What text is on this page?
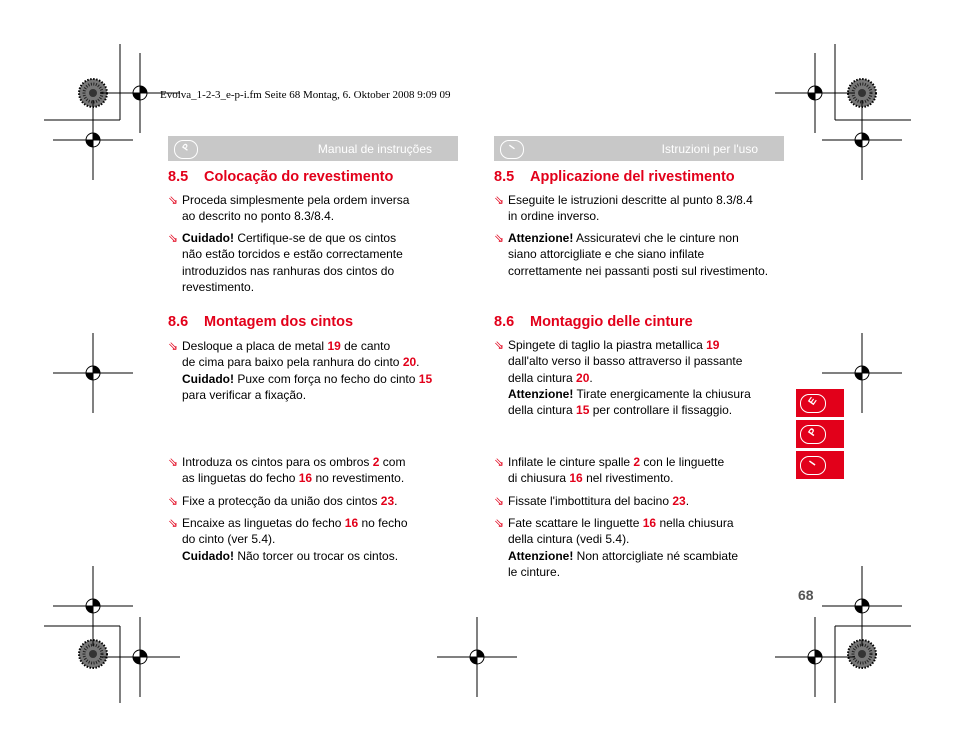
Evolva_1-2-3_e-p-i.fm Seite 68 Montag, 6. Oktober 2008 9:09 09
P	Manual de instruções
8.5 Colocação do revestimento
⇘ Proceda simplesmente pela ordem inversa
ao descrito no ponto 8.3/8.4.
⇘ Cuidado! Certifique-se de que os cintos
não estão torcidos e estão correctamente
introduzidos nas ranhuras dos cintos do
revestimento.
8.6 Montagem dos cintos
⇘ Desloque a placa de metal 19 de canto
de cima para baixo pela ranhura do cinto 20.
Cuidado! Puxe com força no fecho do cinto 15
para verificar a fixação.
⇘ Introduza os cintos para os ombros 2 com
as linguetas do fecho 16 no revestimento.
⇘ Fixe a protecção da união dos cintos 23.
⇘ Encaixe as linguetas do fecho 16 no fecho
do cinto (ver 5.4).
Cuidado! Não torcer ou trocar os cintos.
I	Istruzioni per l'uso
8.5 Applicazione del rivestimento
⇘ Eseguite le istruzioni descritte al punto 8.3/8.4
in ordine inverso.
⇘ Attenzione! Assicuratevi che le cinture non
siano attorcigliate e che siano infilate
correttamente nei passanti posti sul rivestimento.
8.6 Montaggio delle cinture
⇘ Spingete di taglio la piastra metallica 19
dall'alto verso il basso attraverso il passante
della cintura 20.
Attenzione! Tirate energicamente la chiusura
della cintura 15 per controllare il fissaggio.
⇘ Infilate le cinture spalle 2 con le linguette
di chiusura 16 nel rivestimento.
⇘ Fissate l'imbottitura del bacino 23.
⇘ Fate scattare le linguette 16 nella chiusura
della cintura (vedi 5.4).
Attenzione! Non attorcigliate né scambiate
le cinture.
E
P
I
68
